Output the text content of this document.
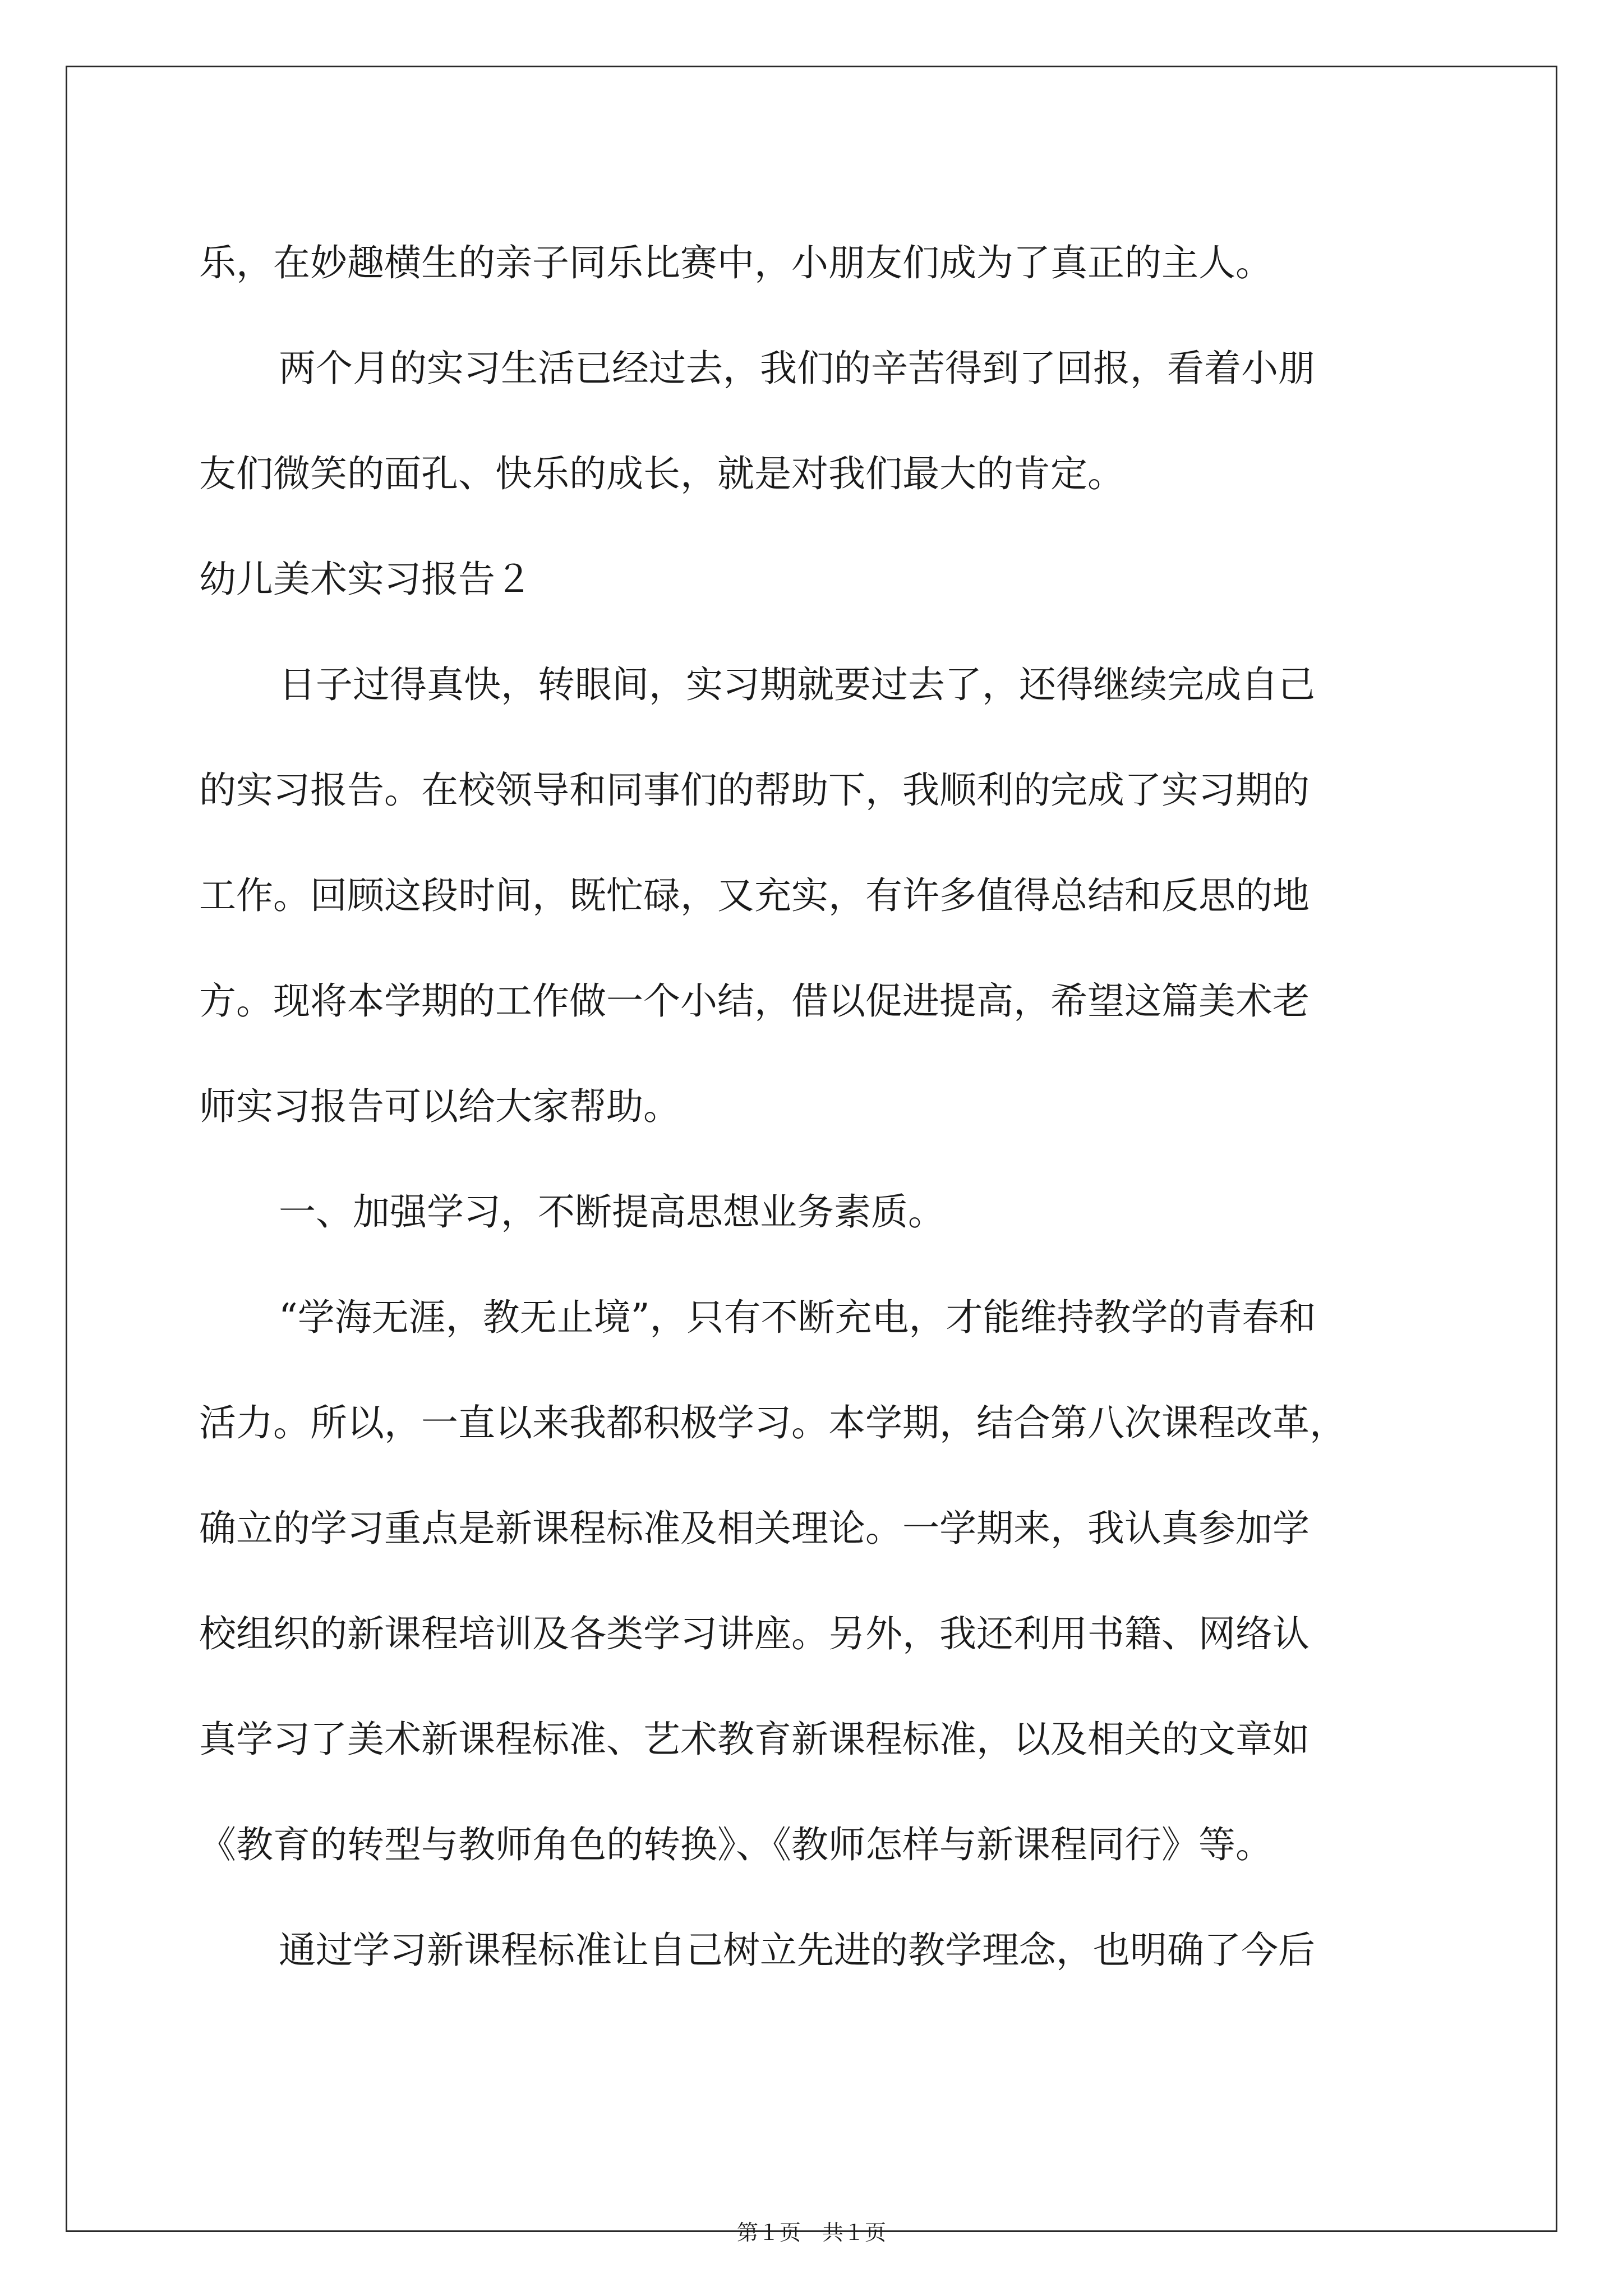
乐，在妙趣横生的亲子同乐比赛中，小朋友们成为了真正的主人。
两个月的实习生活已经过去，我们的辛苦得到了回报，看着小朋
友们微笑的面孔、快乐的成长，就是对我们最大的肯定。
幼儿美术实习报告２
日子过得真快，转眼间，实习期就要过去了，还得继续完成自己
的实习报告。在校领导和同事们的帮助下，我顺利的完成了实习期的
工作。回顾这段时间，既忙碌，又充实，有许多值得总结和反思的地
方。现将本学期的工作做一个小结，借以促进提高，希望这篇美术老
师实习报告可以给大家帮助。
一、加强学习，不断提高思想业务素质。
“学海无涯，教无止境”，只有不断充电，才能维持教学的青春和
活力。所以，一直以来我都积极学习。本学期，结合第八次课程改革，
确立的学习重点是新课程标准及相关理论。一学期来，我认真参加学
校组织的新课程培训及各类学习讲座。另外，我还利用书籍、网络认
真学习了美术新课程标准、艺术教育新课程标准，以及相关的文章如
《教育的转型与教师角色的转换》、《教师怎样与新课程同行》等。
通过学习新课程标准让自己树立先进的教学理念，也明确了今后
第１页　共１页
